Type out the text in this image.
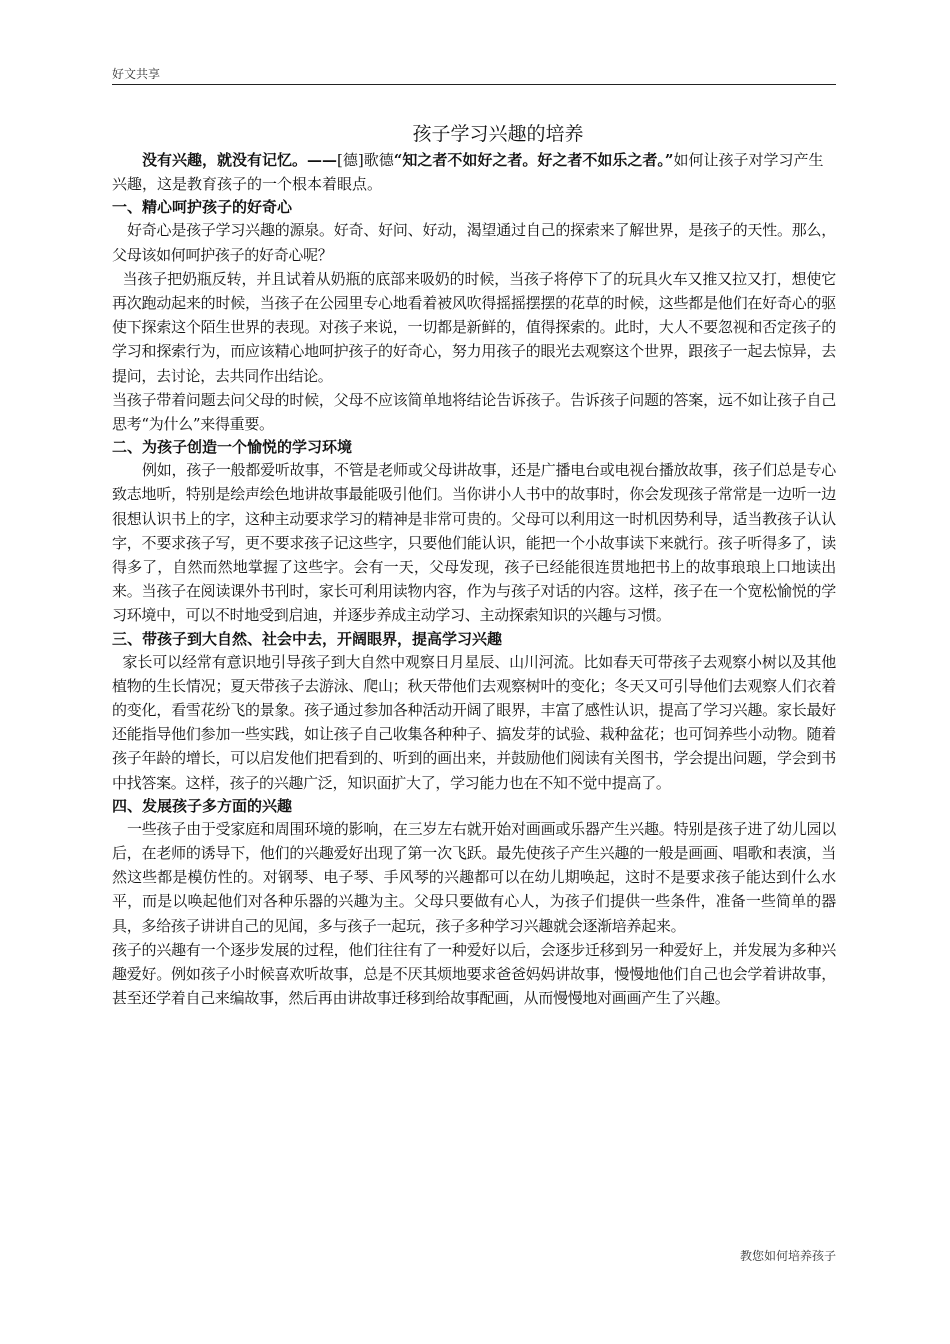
好文共享
孩子学习兴趣的培养

没有兴趣，就没有记忆。——[德]歌德“知之者不如好之者。好之者不如乐之者。”如何让孩子对学习产生兴趣，这是教育孩子的一个根本着眼点。

一、精心呵护孩子的好奇心

好奇心是孩子学习兴趣的源泉。好奇、好问、好动，渴望通过自己的探索来了解世界，是孩子的天性。那么，父母该如何呵护孩子的好奇心呢？

当孩子把奶瓶反转，并且试着从奶瓶的底部来吸奶的时候，当孩子将停下了的玩具火车又推又拉又打，想使它再次跑动起来的时候，当孩子在公园里专心地看着被风吹得摇摇摆摆的花草的时候，这些都是他们在好奇心的驱使下探索这个陌生世界的表现。对孩子来说，一切都是新鲜的，值得探索的。此时，大人不要忽视和否定孩子的学习和探索行为，而应该精心地呵护孩子的好奇心，努力用孩子的眼光去观察这个世界，跟孩子一起去惊异，去提问，去讨论，去共同作出结论。

当孩子带着问题去问父母的时候，父母不应该简单地将结论告诉孩子。告诉孩子问题的答案，远不如让孩子自己思考“为什么”来得重要。

二、为孩子创造一个愉悦的学习环境

例如，孩子一般都爱听故事，不管是老师或父母讲故事，还是广播电台或电视台播放故事，孩子们总是专心致志地听，特别是绘声绘色地讲故事最能吸引他们。当你讲小人书中的故事时，你会发现孩子常常是一边听一边很想认识书上的字，这种主动要求学习的精神是非常可贵的。父母可以利用这一时机因势利导，适当教孩子认认字，不要求孩子写，更不要求孩子记这些字，只要他们能认识，能把一个小故事读下来就行。孩子听得多了，读得多了，自然而然地掌握了这些字。会有一天，父母发现，孩子已经能很连贯地把书上的故事琅琅上口地读出来。当孩子在阅读课外书刊时，家长可利用读物内容，作为与孩子对话的内容。这样，孩子在一个宽松愉悦的学习环境中，可以不时地受到启迪，并逐步养成主动学习、主动探索知识的兴趣与习惯。

三、带孩子到大自然、社会中去，开阔眼界，提高学习兴趣

家长可以经常有意识地引导孩子到大自然中观察日月星辰、山川河流。比如春天可带孩子去观察小树以及其他植物的生长情况；夏天带孩子去游泳、爬山；秋天带他们去观察树叶的变化；冬天又可引导他们去观察人们衣着的变化，看雪花纷飞的景象。孩子通过参加各种活动开阔了眼界，丰富了感性认识，提高了学习兴趣。家长最好还能指导他们参加一些实践，如让孩子自己收集各种种子、搞发芽的试验、栽种盆花；也可饲养些小动物。随着孩子年龄的增长，可以启发他们把看到的、听到的画出来，并鼓励他们阅读有关图书，学会提出问题，学会到书中找答案。这样，孩子的兴趣广泛，知识面扩大了，学习能力也在不知不觉中提高了。

四、发展孩子多方面的兴趣

一些孩子由于受家庭和周围环境的影响，在三岁左右就开始对画画或乐器产生兴趣。特别是孩子进了幼儿园以后，在老师的诱导下，他们的兴趣爱好出现了第一次飞跃。最先使孩子产生兴趣的一般是画画、唱歌和表演，当然这些都是模仿性的。对钢琴、电子琴、手风琴的兴趣都可以在幼儿期唤起，这时不是要求孩子能达到什么水平，而是以唤起他们对各种乐器的兴趣为主。父母只要做有心人，为孩子们提供一些条件，准备一些简单的器具，多给孩子讲讲自己的见闻，多与孩子一起玩，孩子多种学习兴趣就会逐渐培养起来。

孩子的兴趣有一个逐步发展的过程，他们往往有了一种爱好以后，会逐步迁移到另一种爱好上，并发展为多种兴趣爱好。例如孩子小时候喜欢听故事，总是不厌其烦地要求爸爸妈妈讲故事，慢慢地他们自己也会学着讲故事，甚至还学着自己来编故事，然后再由讲故事迁移到给故事配画，从而慢慢地对画画产生了兴趣。

教您如何培养孩子
